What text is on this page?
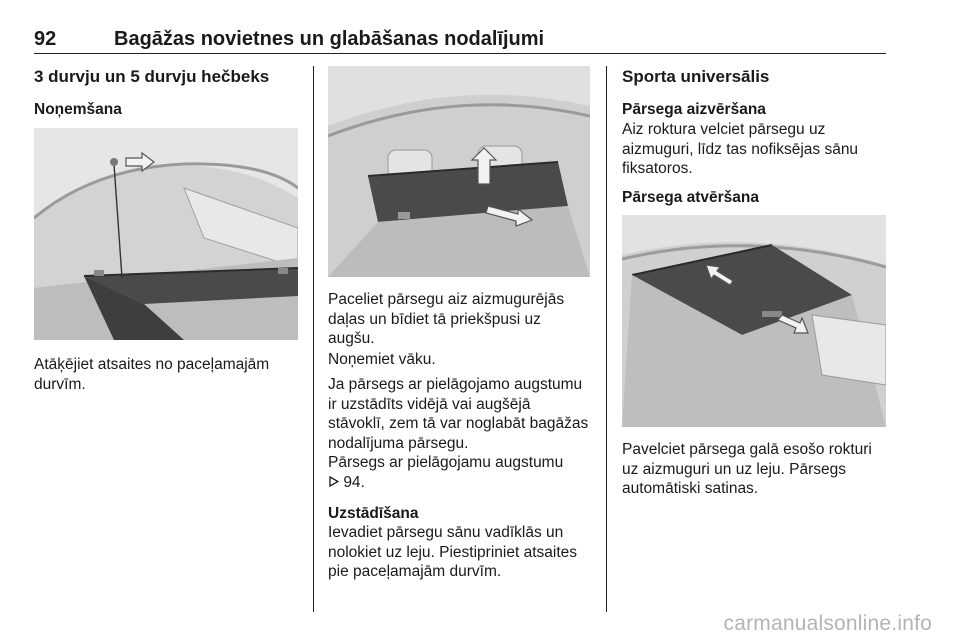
92	Bagāžas novietnes un glabāšanas nodalījumi
3 durvju un 5 durvju hečbeks
Noņemšana
Atāķējiet atsaites no paceļamajām
durvīm.
Paceliet pārsegu aiz aizmugurējās
daļas un bīdiet tā priekšpusi uz
augšu.
Noņemiet vāku.
Ja pārsegs ar pielāgojamo augstumu
ir uzstādīts vidējā vai augšējā
stāvoklī, zem tā var noglabāt bagāžas
nodalījuma pārsegu.
Pārsegs ar pielāgojamu augstumu
94.
Uzstādīšana
Ievadiet pārsegu sānu vadīklās un
nolokiet uz leju. Piestipriniet atsaites
pie paceļamajām durvīm.
Sporta universālis
Pārsega aizvēršana
Aiz roktura velciet pārsegu uz
aizmuguri, līdz tas nofiksējas sānu
fiksatoros.
Pārsega atvēršana
Pavelciet pārsega galā esošo rokturi
uz aizmuguri un uz leju. Pārsegs
automātiski satinas.
carmanualsonline.info
